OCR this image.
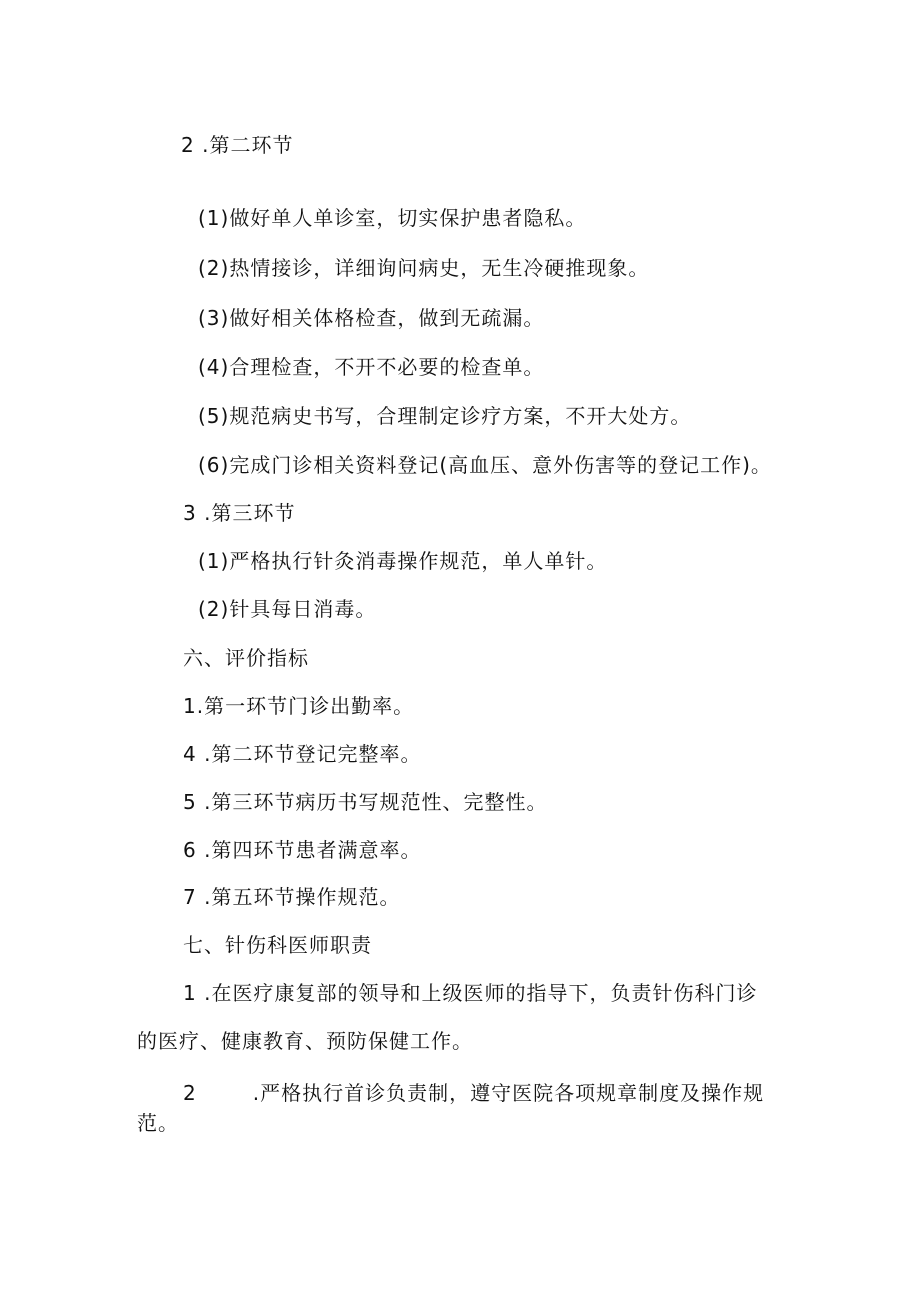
2 .第二环节
(1)做好单人单诊室，切实保护患者隐私。
(2)热情接诊，详细询问病史，无生冷硬推现象。
(3)做好相关体格检查，做到无疏漏。
(4)合理检查，不开不必要的检查单。
(5)规范病史书写，合理制定诊疗方案，不开大处方。
(6)完成门诊相关资料登记(高血压、意外伤害等的登记工作)。
3 .第三环节
(1)严格执行针灸消毒操作规范，单人单针。
(2)针具每日消毒。
六、评价指标
1.第一环节门诊出勤率。
4 .第二环节登记完整率。
5 .第三环节病历书写规范性、完整性。
6 .第四环节患者满意率。
7 .第五环节操作规范。
七、针伤科医师职责
1 .在医疗康复部的领导和上级医师的指导下，负责针伤科门诊
的医疗、健康教育、预防保健工作。
2	.严格执行首诊负责制，遵守医院各项规章制度及操作规
范。
